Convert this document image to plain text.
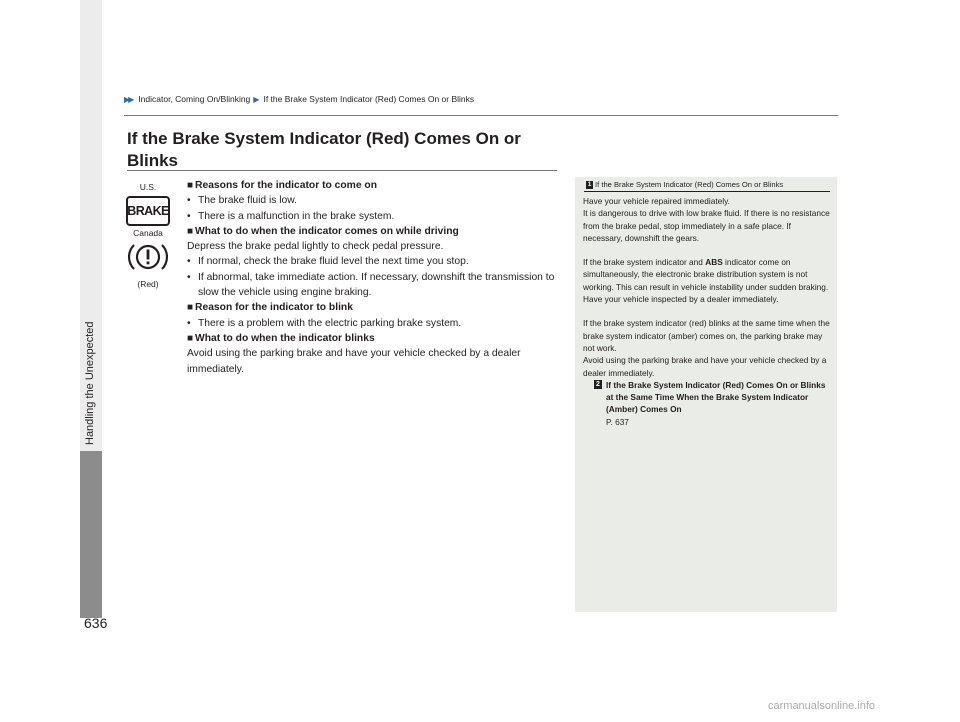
▶▶ Indicator, Coming On/Blinking ▶ If the Brake System Indicator (Red) Comes On or Blinks
Handling the Unexpected
636
If the Brake System Indicator (Red) Comes On or Blinks
U.S.
BRAKE
Canada
(Red)
■ Reasons for the indicator to come on
• The brake fluid is low.
• There is a malfunction in the brake system.
■ What to do when the indicator comes on while driving
Depress the brake pedal lightly to check pedal pressure.
• If normal, check the brake fluid level the next time you stop.
• If abnormal, take immediate action. If necessary, downshift the transmission to slow the vehicle using engine braking.
■ Reason for the indicator to blink
• There is a problem with the electric parking brake system.
■ What to do when the indicator blinks
Avoid using the parking brake and have your vehicle checked by a dealer immediately.
1 If the Brake System Indicator (Red) Comes On or Blinks

Have your vehicle repaired immediately.
It is dangerous to drive with low brake fluid. If there is no resistance from the brake pedal, stop immediately in a safe place. If necessary, downshift the gears.

If the brake system indicator and ABS indicator come on simultaneously, the electronic brake distribution system is not working. This can result in vehicle instability under sudden braking.
Have your vehicle inspected by a dealer immediately.

If the brake system indicator (red) blinks at the same time when the brake system indicator (amber) comes on, the parking brake may not work.
Avoid using the parking brake and have your vehicle checked by a dealer immediately.

2 If the Brake System Indicator (Red) Comes On or Blinks at the Same Time When the Brake System Indicator (Amber) Comes On
P. 637
carmanualsonline.info
